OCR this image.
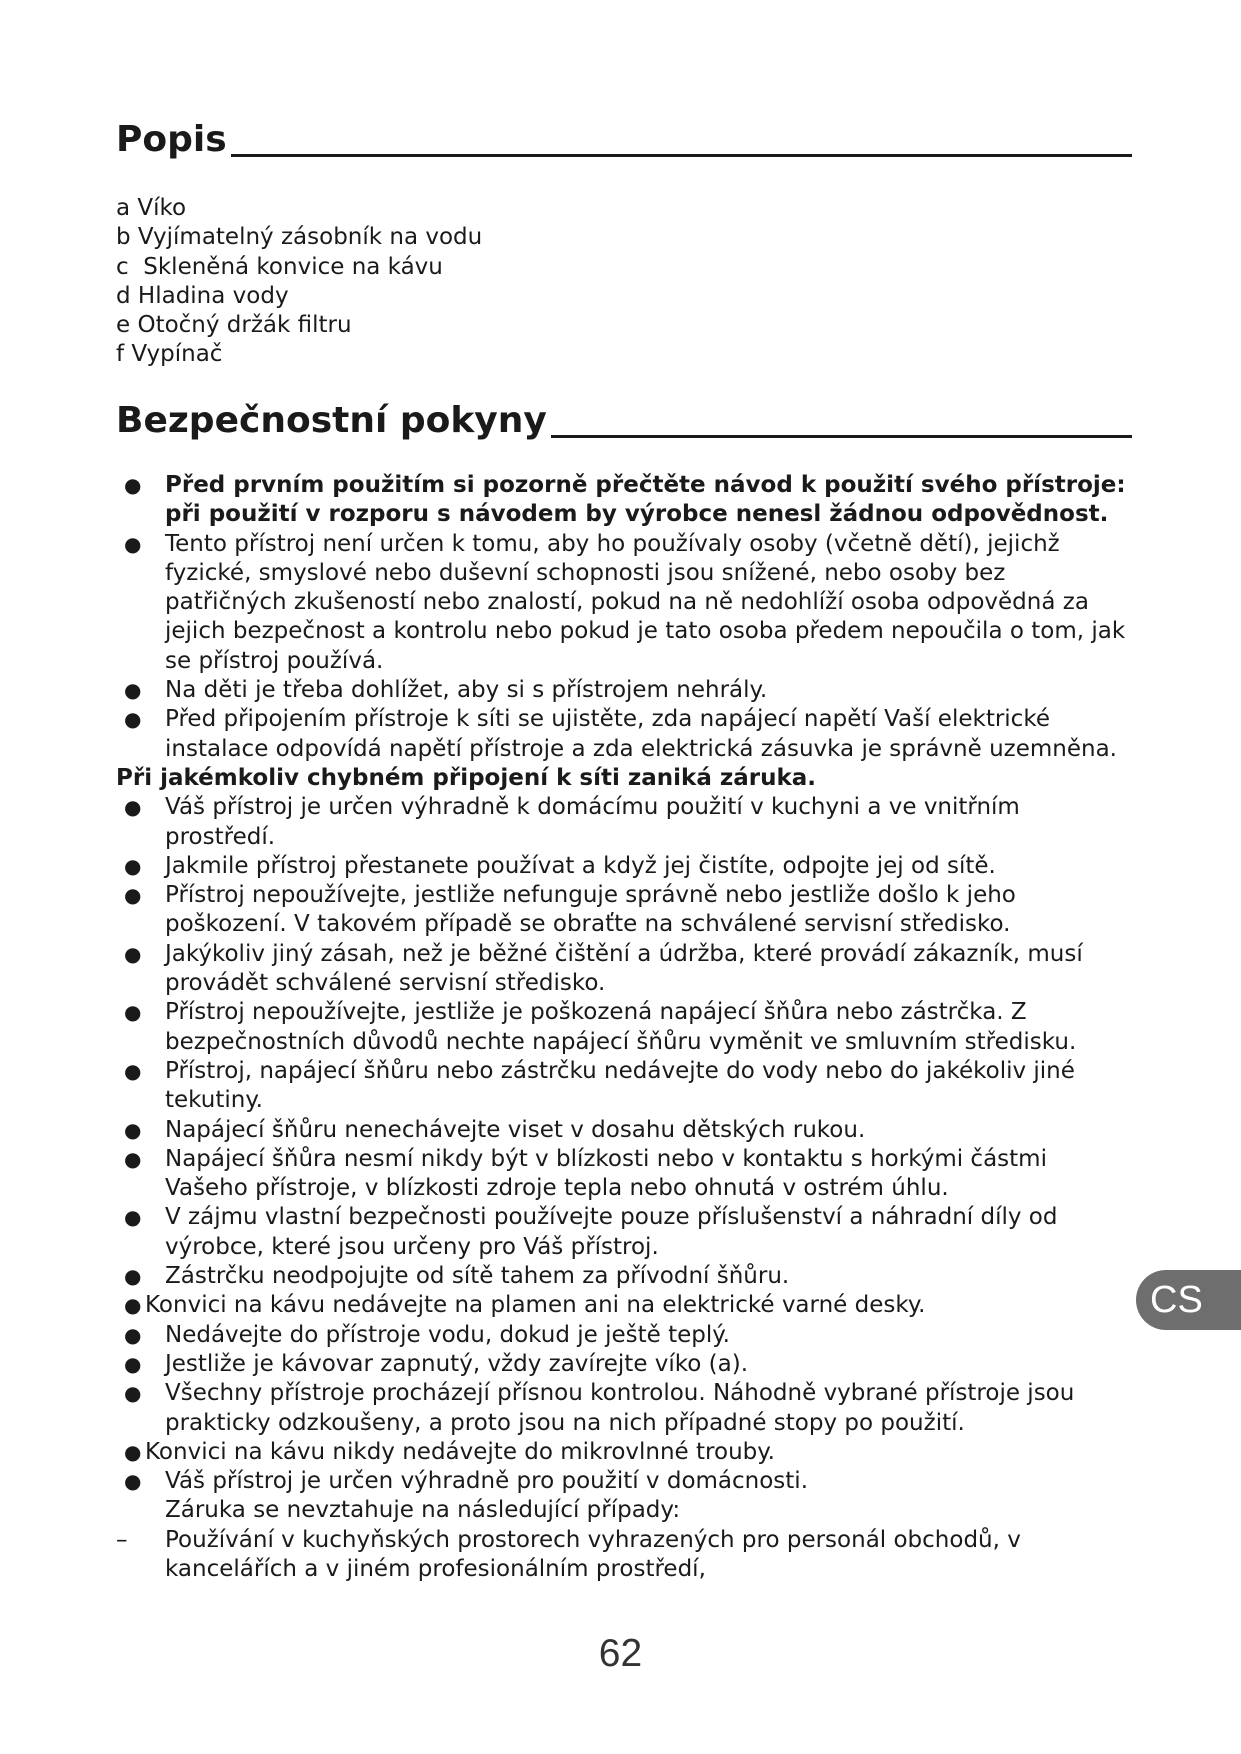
Popis
a Víko
b Vyjímatelný zásobník na vodu
c  Skleněná konvice na kávu
d Hladina vody
e Otočný držák filtru
f Vypínač
Bezpečnostní pokyny
●	Před prvním použitím si pozorně přečtěte návod k použití svého přístroje: při použití v rozporu s návodem by výrobce nenesl žádnou odpovědnost.
●	Tento přístroj není určen k tomu, aby ho používaly osoby (včetně dětí), jejichž fyzické, smyslové nebo duševní schopnosti jsou snížené, nebo osoby bez patřičných zkušeností nebo znalostí, pokud na ně nedohlíží osoba odpovědná za jejich bezpečnost a kontrolu nebo pokud je tato osoba předem nepoučila o tom, jak se přístroj používá.
●	Na děti je třeba dohlížet, aby si s přístrojem nehrály.
●	Před připojením přístroje k síti se ujistěte, zda napájecí napětí Vaší elektrické instalace odpovídá napětí přístroje a zda elektrická zásuvka je správně uzemněna.
Při jakémkoliv chybném připojení k síti zaniká záruka.
●	Váš přístroj je určen výhradně k domácímu použití v kuchyni a ve vnitřním prostředí.
●	Jakmile přístroj přestanete používat a když jej čistíte, odpojte jej od sítě.
●	Přístroj nepoužívejte, jestliže nefunguje správně nebo jestliže došlo k jeho poškození. V takovém případě se obraťte na schválené servisní středisko.
●	Jakýkoliv jiný zásah, než je běžné čištění a údržba, které provádí zákazník, musí provádět schválené servisní středisko.
●	Přístroj nepoužívejte, jestliže je poškozená napájecí šňůra nebo zástrčka. Z bezpečnostních důvodů nechte napájecí šňůru vyměnit ve smluvním středisku.
●	Přístroj, napájecí šňůru nebo zástrčku nedávejte do vody nebo do jakékoliv jiné tekutiny.
●	Napájecí šňůru nenechávejte viset v dosahu dětských rukou.
●	Napájecí šňůra nesmí nikdy být v blízkosti nebo v kontaktu s horkými částmi Vašeho přístroje, v blízkosti zdroje tepla nebo ohnutá v ostrém úhlu.
●	V zájmu vlastní bezpečnosti používejte pouze příslušenství a náhradní díly od výrobce, které jsou určeny pro Váš přístroj.
●	Zástrčku neodpojujte od sítě tahem za přívodní šňůru.
● Konvici na kávu nedávejte na plamen ani na elektrické varné desky.
●	Nedávejte do přístroje vodu, dokud je ještě teplý.
●	Jestliže je kávovar zapnutý, vždy zavírejte víko (a).
●	Všechny přístroje procházejí přísnou kontrolou. Náhodně vybrané přístroje jsou prakticky odzkoušeny, a proto jsou na nich případné stopy po použití.
● Konvici na kávu nikdy nedávejte do mikrovlnné trouby.
●	Váš přístroj je určen výhradně pro použití v domácnosti.
Záruka se nevztahuje na následující případy:
–	Používání v kuchyňských prostorech vyhrazených pro personál obchodů, v kancelářích a v jiném profesionálním prostředí,
CS
62
